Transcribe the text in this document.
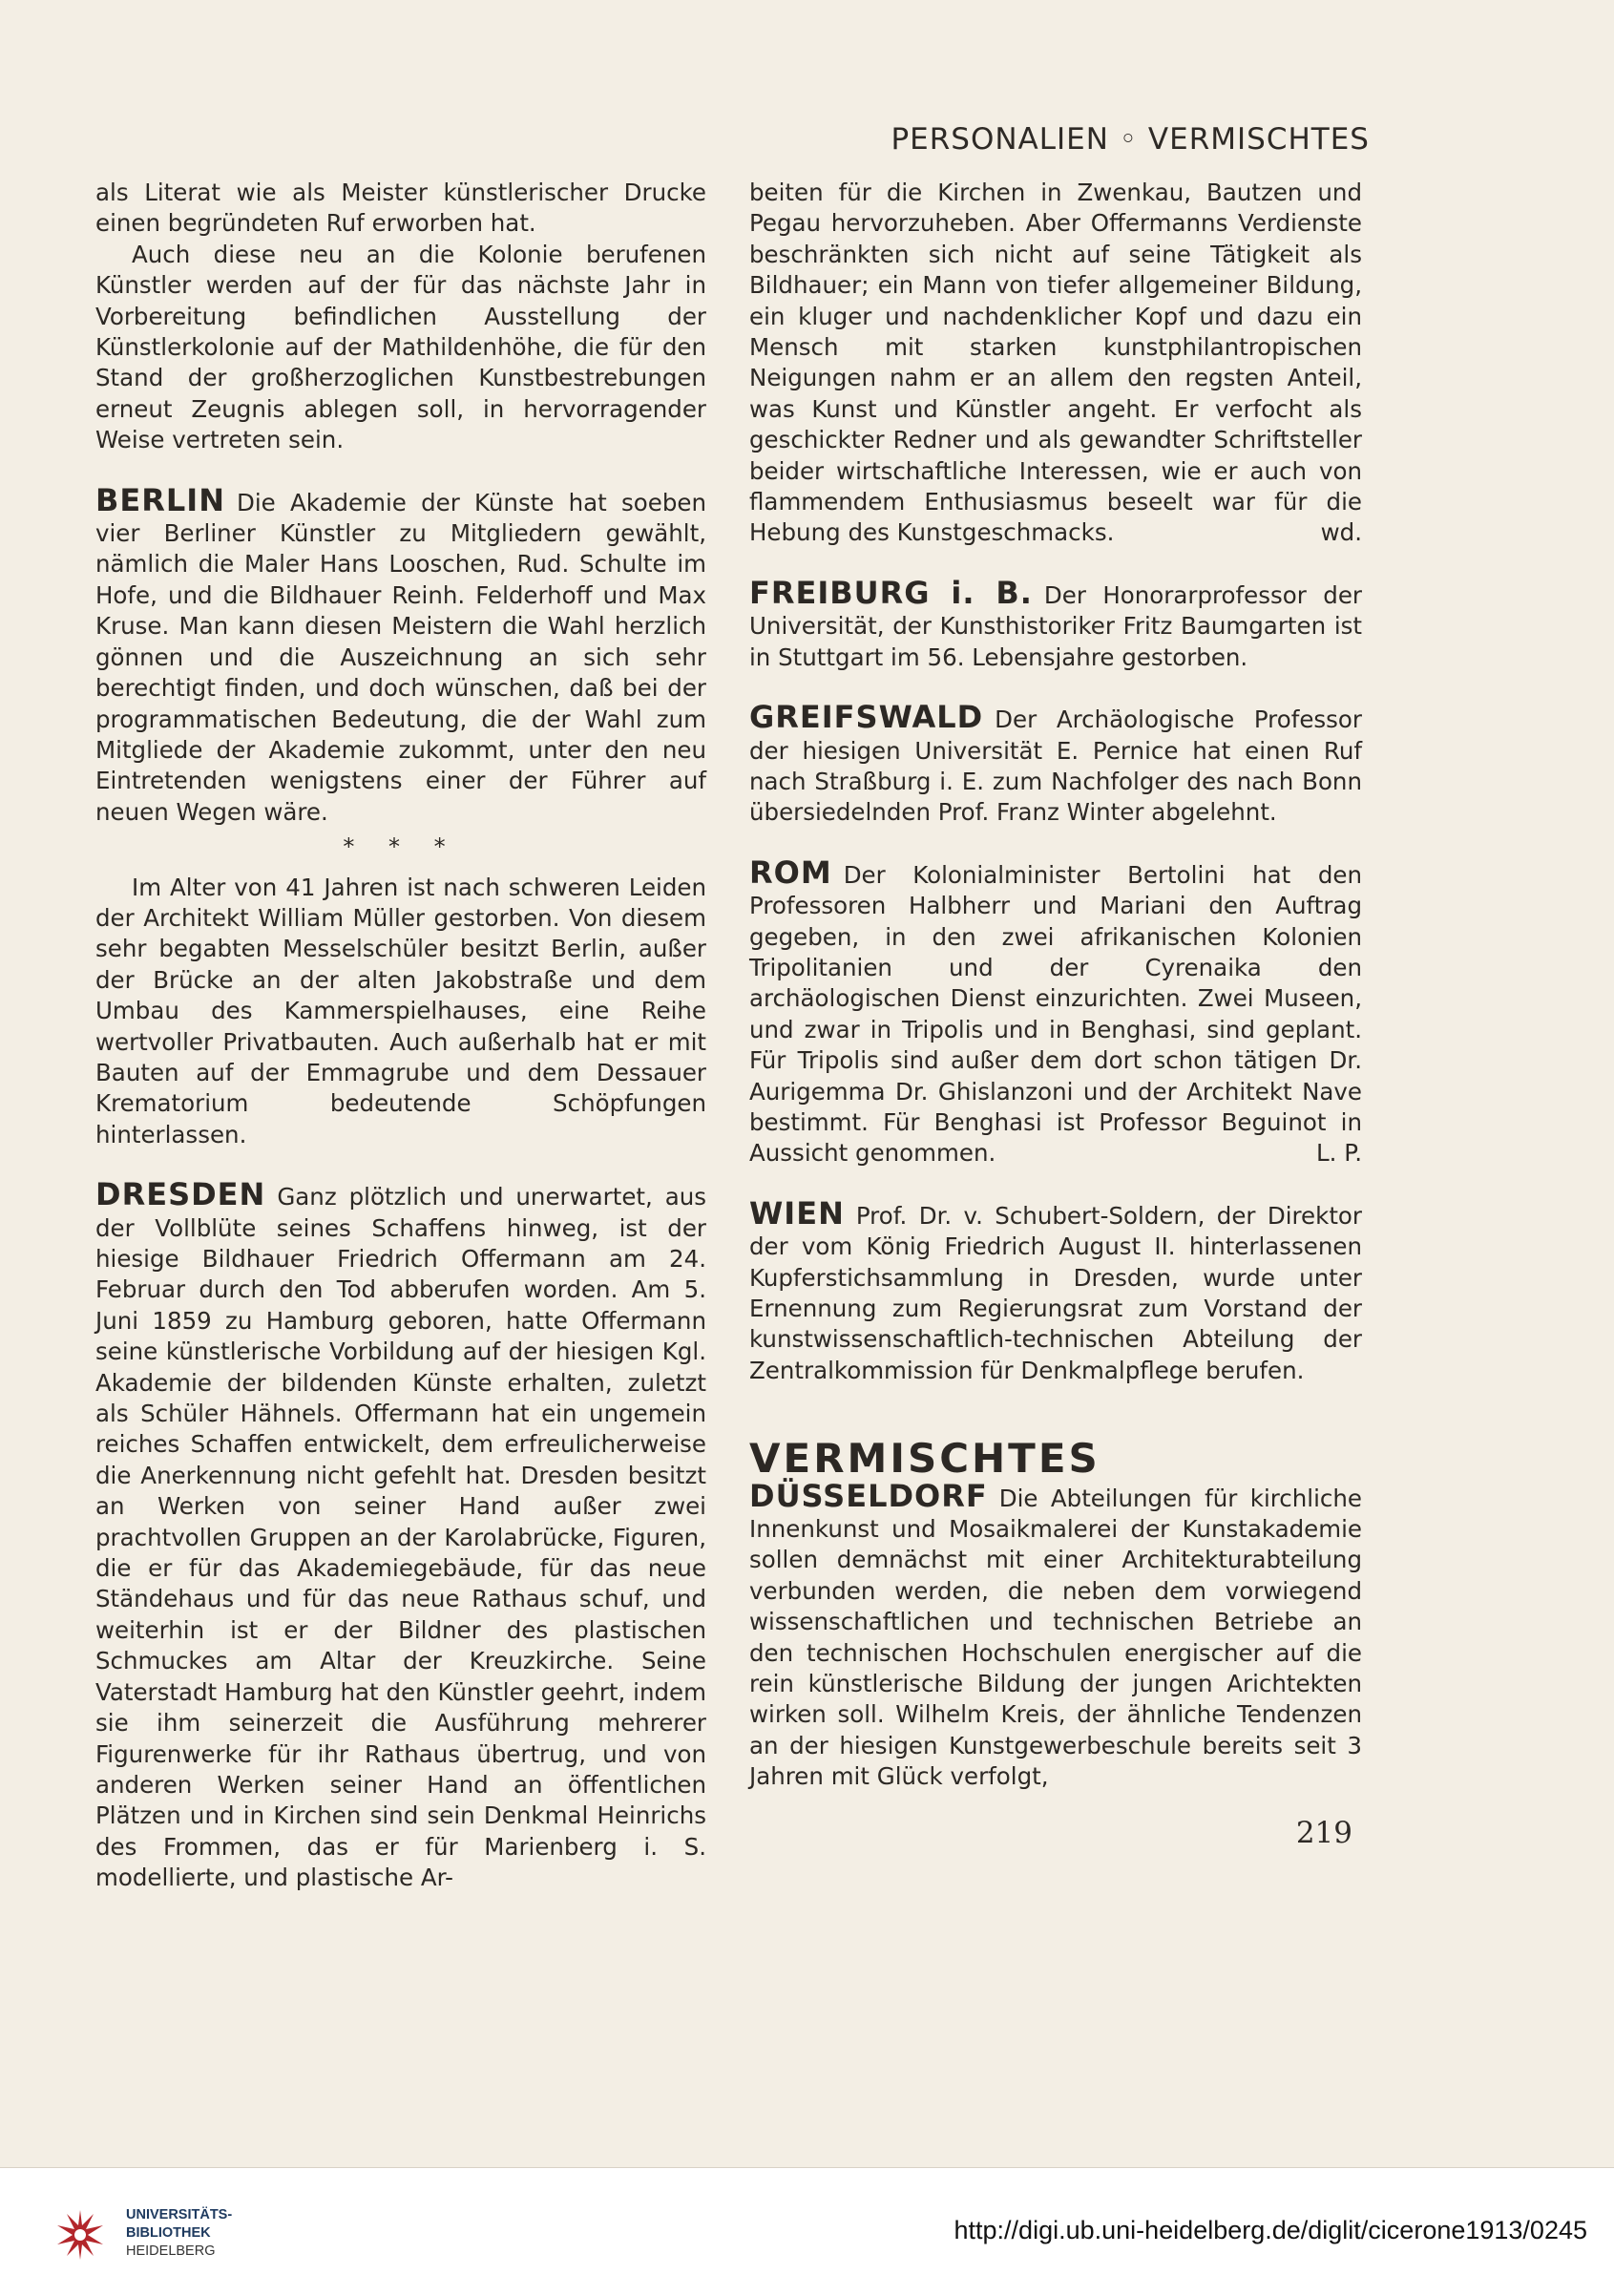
PERSONALIEN ◦ VERMISCHTES

als Literat wie als Meister künstlerischer Drucke einen begründeten Ruf erworben hat.

Auch diese neu an die Kolonie berufenen Künstler werden auf der für das nächste Jahr in Vorbereitung befindlichen Ausstellung der Künstlerkolonie auf der Mathildenhöhe, die für den Stand der großherzoglichen Kunstbestrebungen erneut Zeugnis ablegen soll, in hervorragender Weise vertreten sein.

BERLIN Die Akademie der Künste hat soeben vier Berliner Künstler zu Mitgliedern gewählt, nämlich die Maler Hans Looschen, Rud. Schulte im Hofe, und die Bildhauer Reinh. Felderhoff und Max Kruse. Man kann diesen Meistern die Wahl herzlich gönnen und die Auszeichnung an sich sehr berechtigt finden, und doch wünschen, daß bei der programmatischen Bedeutung, die der Wahl zum Mitgliede der Akademie zukommt, unter den neu Eintretenden wenigstens einer der Führer auf neuen Wegen wäre.

* * *

Im Alter von 41 Jahren ist nach schweren Leiden der Architekt William Müller gestorben. Von diesem sehr begabten Messelschüler besitzt Berlin, außer der Brücke an der alten Jakobstraße und dem Umbau des Kammerspielhauses, eine Reihe wertvoller Privatbauten. Auch außerhalb hat er mit Bauten auf der Emmagrube und dem Dessauer Krematorium bedeutende Schöpfungen hinterlassen.

DRESDEN Ganz plötzlich und unerwartet, aus der Vollblüte seines Schaffens hinweg, ist der hiesige Bildhauer Friedrich Offermann am 24. Februar durch den Tod abberufen worden. Am 5. Juni 1859 zu Hamburg geboren, hatte Offermann seine künstlerische Vorbildung auf der hiesigen Kgl. Akademie der bildenden Künste erhalten, zuletzt als Schüler Hähnels. Offermann hat ein ungemein reiches Schaffen entwickelt, dem erfreulicherweise die Anerkennung nicht gefehlt hat. Dresden besitzt an Werken von seiner Hand außer zwei prachtvollen Gruppen an der Karolabrücke, Figuren, die er für das Akademiegebäude, für das neue Ständehaus und für das neue Rathaus schuf, und weiterhin ist er der Bildner des plastischen Schmuckes am Altar der Kreuzkirche. Seine Vaterstadt Hamburg hat den Künstler geehrt, indem sie ihm seinerzeit die Ausführung mehrerer Figurenwerke für ihr Rathaus übertrug, und von anderen Werken seiner Hand an öffentlichen Plätzen und in Kirchen sind sein Denkmal Heinrichs des Frommen, das er für Marienberg i. S. modellierte, und plastische Ar-

beiten für die Kirchen in Zwenkau, Bautzen und Pegau hervorzuheben. Aber Offermanns Verdienste beschränkten sich nicht auf seine Tätigkeit als Bildhauer; ein Mann von tiefer allgemeiner Bildung, ein kluger und nachdenklicher Kopf und dazu ein Mensch mit starken kunstphilantropischen Neigungen nahm er an allem den regsten Anteil, was Kunst und Künstler angeht. Er verfocht als geschickter Redner und als gewandter Schriftsteller beider wirtschaftliche Interessen, wie er auch von flammendem Enthusiasmus beseelt war für die Hebung des Kunstgeschmacks.	wd.

FREIBURG i. B. Der Honorarprofessor der Universität, der Kunsthistoriker Fritz Baumgarten ist in Stuttgart im 56. Lebensjahre gestorben.

GREIFSWALD Der Archäologische Professor der hiesigen Universität E. Pernice hat einen Ruf nach Straßburg i. E. zum Nachfolger des nach Bonn übersiedelnden Prof. Franz Winter abgelehnt.

ROM Der Kolonialminister Bertolini hat den Professoren Halbherr und Mariani den Auftrag gegeben, in den zwei afrikanischen Kolonien Tripolitanien und der Cyrenaika den archäologischen Dienst einzurichten. Zwei Museen, und zwar in Tripolis und in Benghasi, sind geplant. Für Tripolis sind außer dem dort schon tätigen Dr. Aurigemma Dr. Ghislanzoni und der Architekt Nave bestimmt. Für Benghasi ist Professor Beguinot in Aussicht genommen.	L. P.

WIEN Prof. Dr. v. Schubert-Soldern, der Direktor der vom König Friedrich August II. hinterlassenen Kupferstichsammlung in Dresden, wurde unter Ernennung zum Regierungsrat zum Vorstand der kunstwissenschaftlich-technischen Abteilung der Zentralkommission für Denkmalpflege berufen.

VERMISCHTES

DÜSSELDORF Die Abteilungen für kirchliche Innenkunst und Mosaikmalerei der Kunstakademie sollen demnächst mit einer Architekturabteilung verbunden werden, die neben dem vorwiegend wissenschaftlichen und technischen Betriebe an den technischen Hochschulen energischer auf die rein künstlerische Bildung der jungen Arichtekten wirken soll. Wilhelm Kreis, der ähnliche Tendenzen an der hiesigen Kunstgewerbeschule bereits seit 3 Jahren mit Glück verfolgt,

219
UNIVERSITÄTS-
BIBLIOTHEK
HEIDELBERG
http://digi.ub.uni-heidelberg.de/diglit/cicerone1913/0245
